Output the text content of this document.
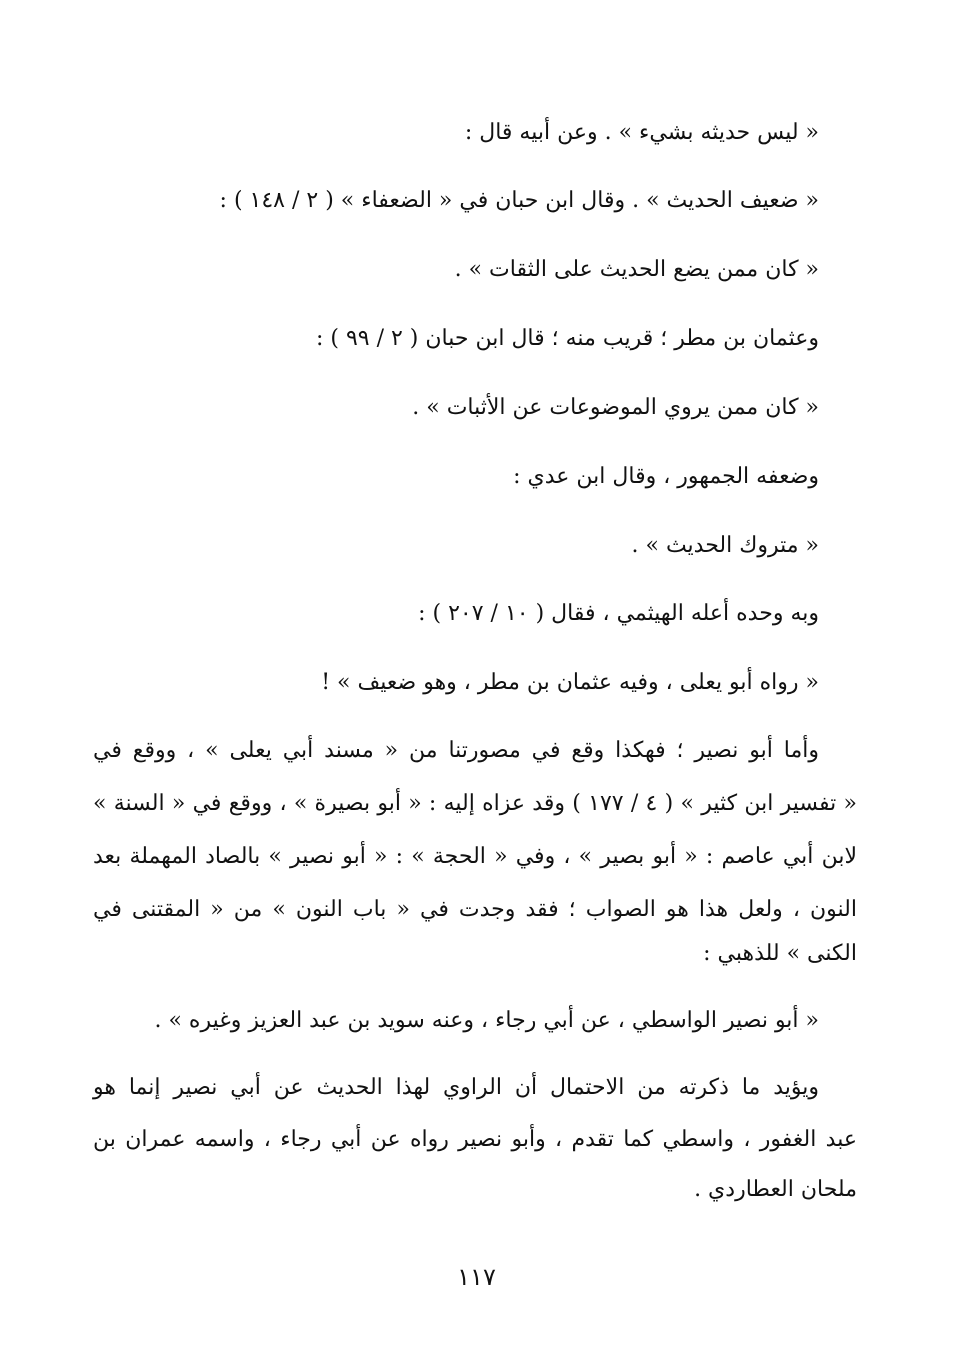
« ليس حديثه بشيء » . وعن أبيه قال :
« ضعيف الحديث » . وقال ابن حبان في « الضعفاء » ( ٢ / ١٤٨ ) :
« كان ممن يضع الحديث على الثقات » .
وعثمان بن مطر ؛ قريب منه ؛ قال ابن حبان ( ٢ / ٩٩ ) :
« كان ممن يروي الموضوعات عن الأثبات » .
وضعفه الجمهور ، وقال ابن عدي :
« متروك الحديث » .
وبه وحده أعله الهيثمي ، فقال ( ١٠ / ٢٠٧ ) :
« رواه أبو يعلى ، وفيه عثمان بن مطر ، وهو ضعيف » !
وأما أبو نصير ؛ فهكذا وقع في مصورتنا من « مسند أبي يعلى » ، ووقع في
« تفسير ابن كثير » ( ٤ / ١٧٧ ) وقد عزاه إليه : « أبو بصيرة » ، ووقع في « السنة »
لابن أبي عاصم : « أبو بصير » ، وفي « الحجة » : « أبو نصير » بالصاد المهملة بعد
النون ، ولعل هذا هو الصواب ؛ فقد وجدت في « باب النون » من « المقتنى في
الكنى » للذهبي :
« أبو نصير الواسطي ، عن أبي رجاء ، وعنه سويد بن عبد العزيز وغيره » .
ويؤيد ما ذكرته من الاحتمال أن الراوي لهذا الحديث عن أبي نصير إنما هو
عبد الغفور ، واسطي كما تقدم ، وأبو نصير رواه عن أبي رجاء ، واسمه عمران بن
ملحان العطاردي .
١١٧
